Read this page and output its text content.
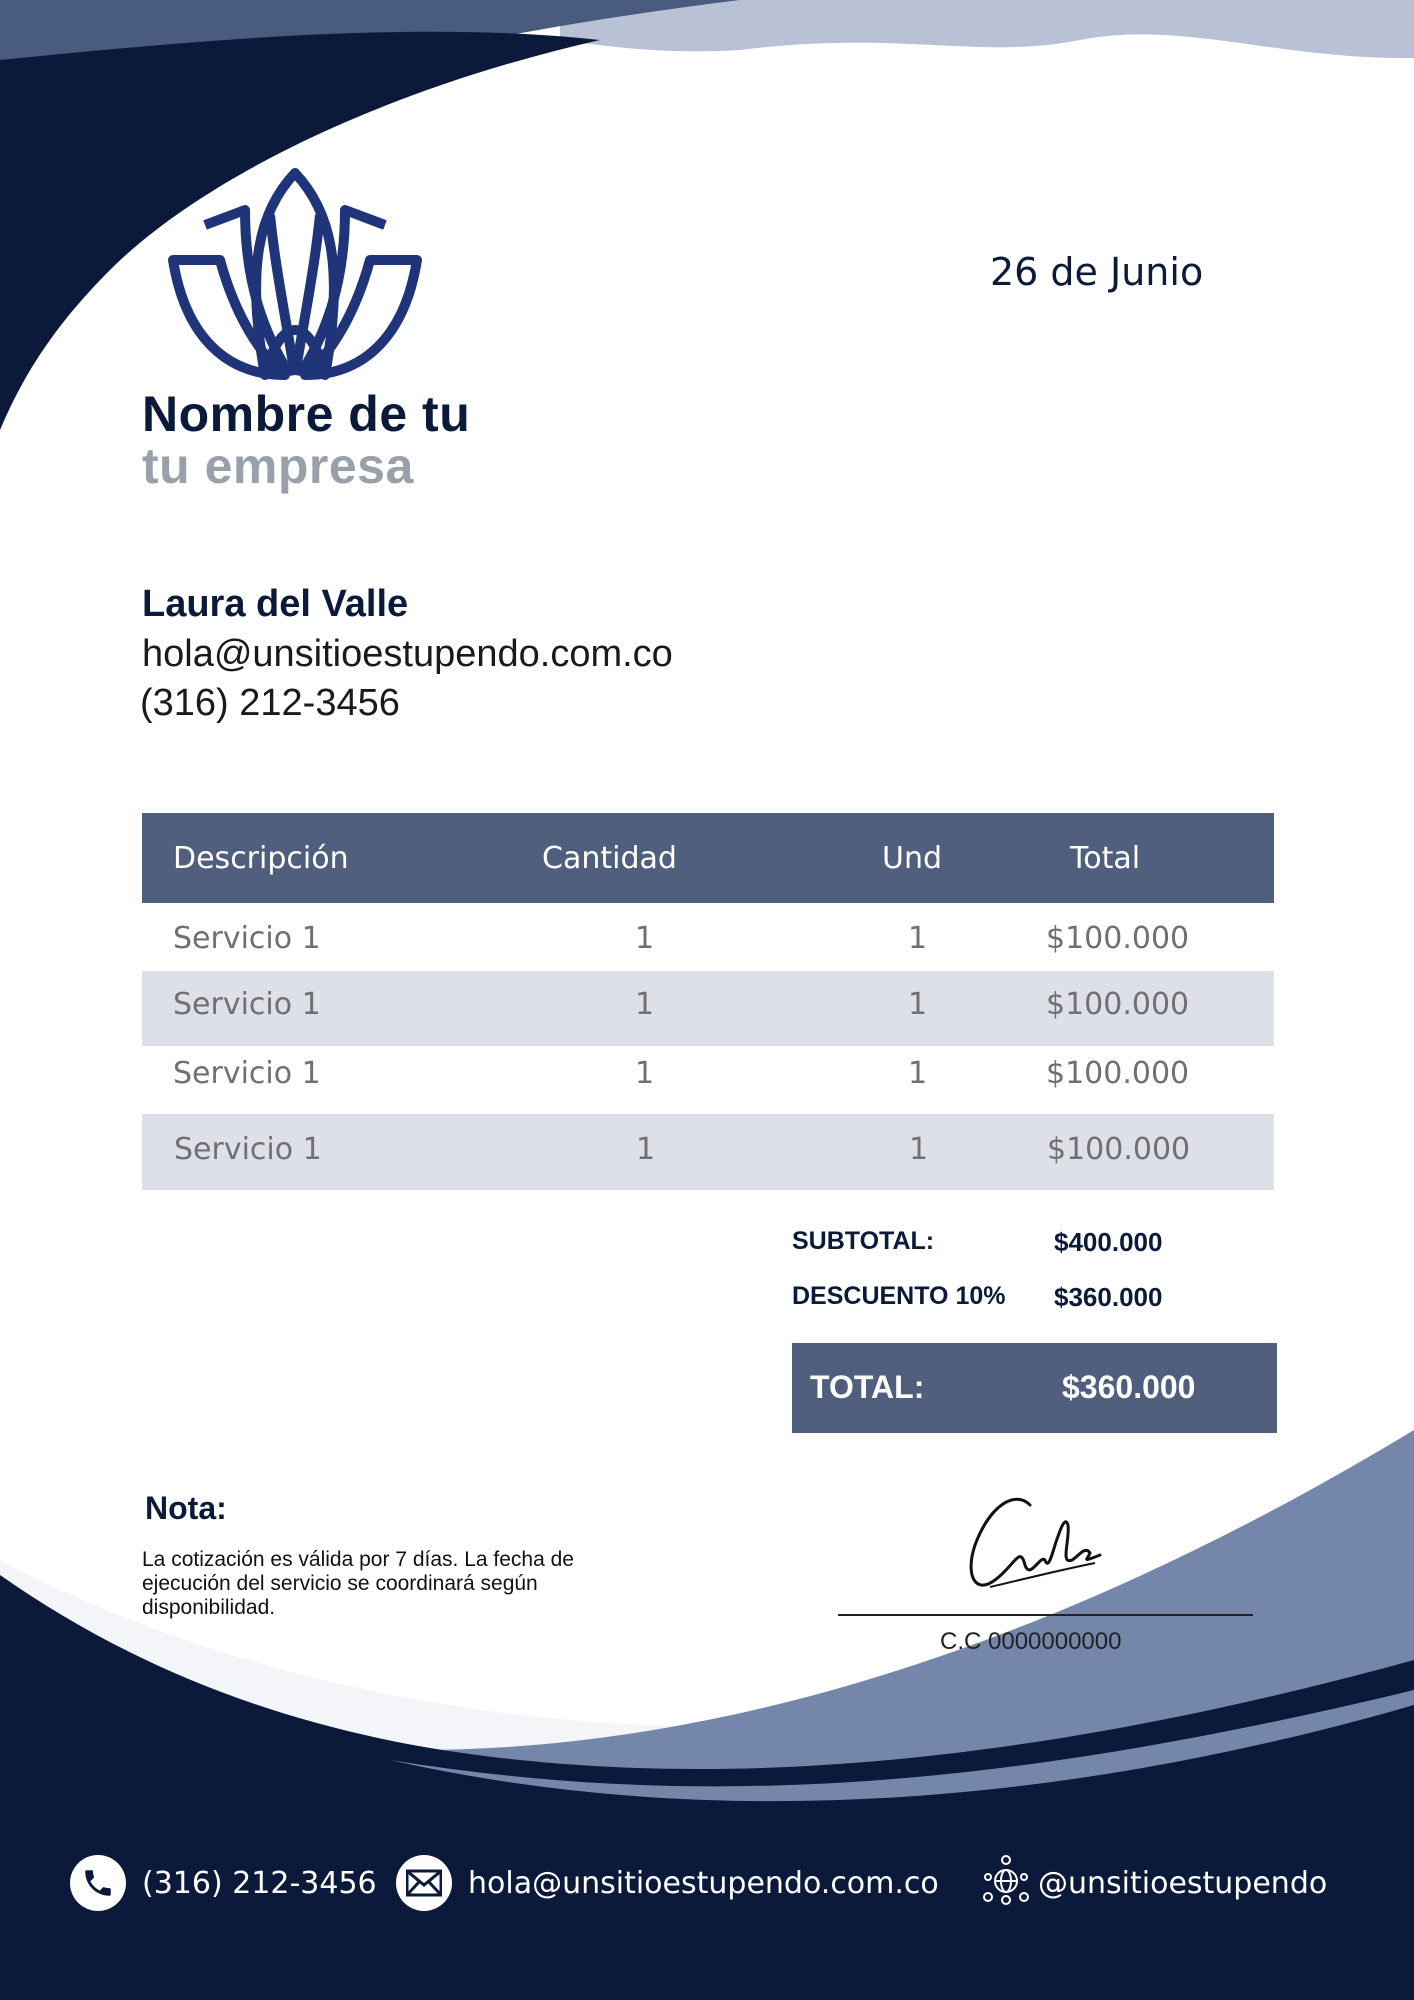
26 de Junio
Nombre de tu
tu empresa
Laura del Valle
hola@unsitioestupendo.com.co
(316) 212-3456
Descripción	Cantidad	Und	Total
Servicio 1	1	1	$100.000
Servicio 1	1	1	$100.000
Servicio 1	1	1	$100.000
Servicio 1	1	1	$100.000
SUBTOTAL:	$400.000
DESCUENTO 10% $360.000
TOTAL:	$360.000
Nota:
La cotización es válida por 7 días. La fecha de ejecución del servicio se coordinará según disponibilidad.
C.C 0000000000
(316) 212-3456	hola@unsitioestupendo.com.co	@unsitioestupendo
